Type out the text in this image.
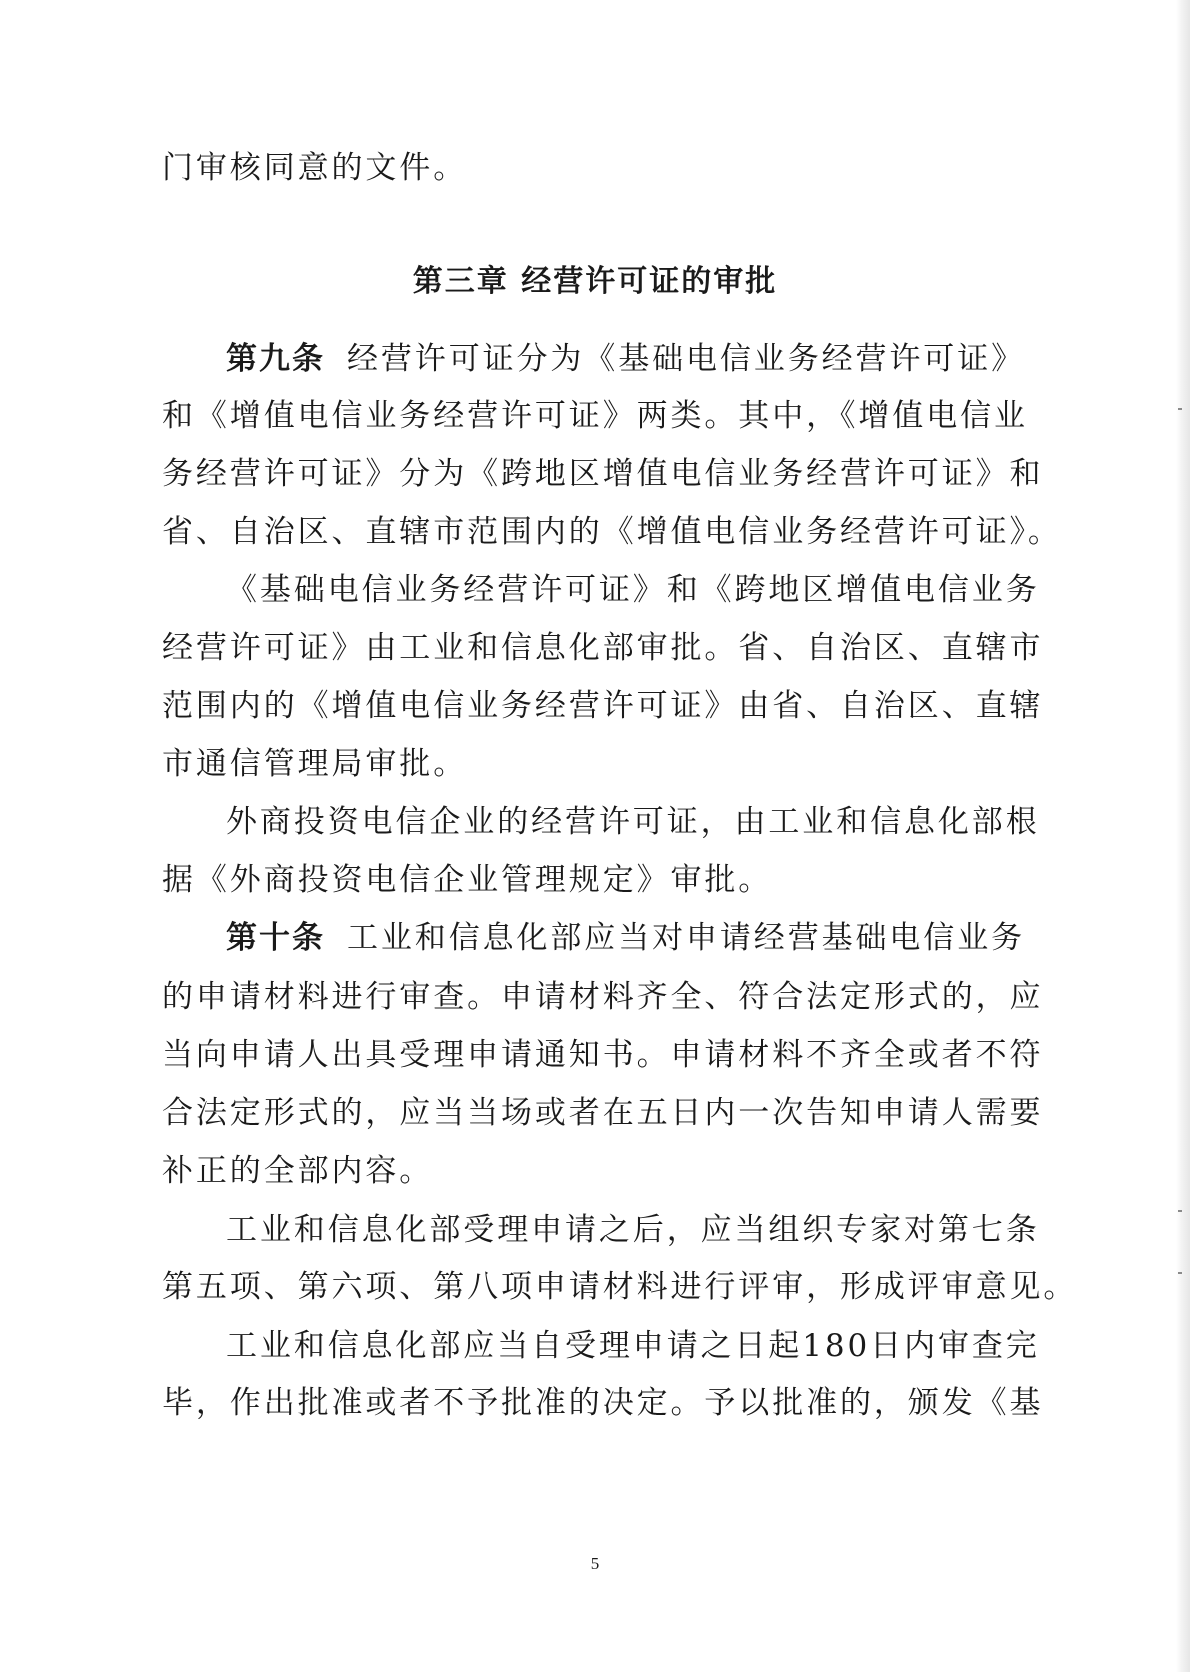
门审核同意的文件。
第三章 经营许可证的审批
第九条 经营许可证分为《基础电信业务经营许可证》
和《增值电信业务经营许可证》两类。其中，《增值电信业
务经营许可证》分为《跨地区增值电信业务经营许可证》和
省、自治区、直辖市范围内的《增值电信业务经营许可证》。
《基础电信业务经营许可证》和《跨地区增值电信业务
经营许可证》由工业和信息化部审批。省、自治区、直辖市
范围内的《增值电信业务经营许可证》由省、自治区、直辖
市通信管理局审批。
外商投资电信企业的经营许可证，由工业和信息化部根
据《外商投资电信企业管理规定》审批。
第十条 工业和信息化部应当对申请经营基础电信业务
的申请材料进行审查。申请材料齐全、符合法定形式的，应
当向申请人出具受理申请通知书。申请材料不齐全或者不符
合法定形式的，应当当场或者在五日内一次告知申请人需要
补正的全部内容。
工业和信息化部受理申请之后，应当组织专家对第七条
第五项、第六项、第八项申请材料进行评审，形成评审意见。
工业和信息化部应当自受理申请之日起180日内审查完
毕，作出批准或者不予批准的决定。予以批准的，颁发《基
5
